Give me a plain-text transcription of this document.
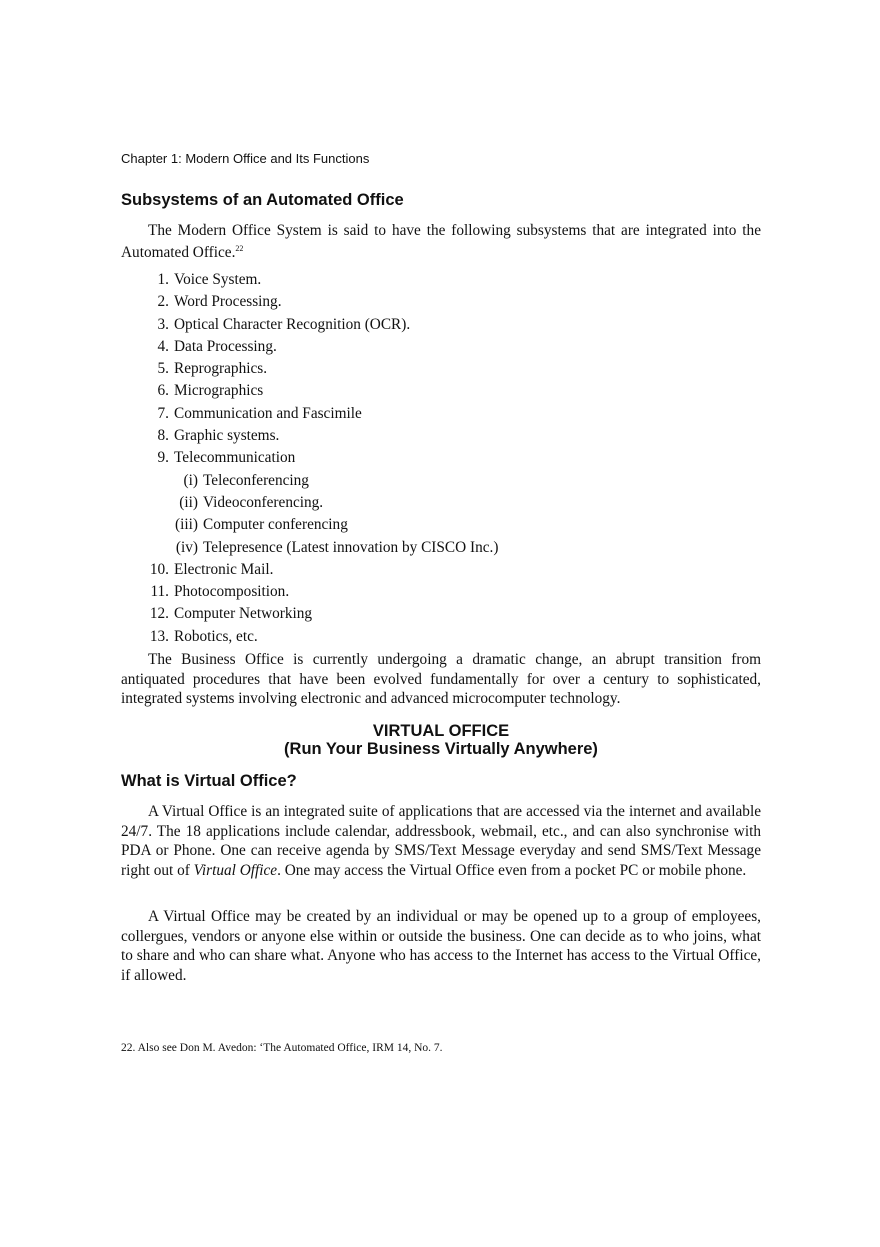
Chapter 1: Modern Office and Its Functions
Subsystems of an Automated Office
The Modern Office System is said to have the following subsystems that are integrated into the Automated Office.$^{22}$
1. Voice System.
2. Word Processing.
3. Optical Character Recognition (OCR).
4. Data Processing.
5. Reprographics.
6. Micrographics
7. Communication and Fascimile
8. Graphic systems.
9. Telecommunication
(i) Teleconferencing
(ii) Videoconferencing.
(iii) Computer conferencing
(iv) Telepresence (Latest innovation by CISCO Inc.)
10. Electronic Mail.
11. Photocomposition.
12. Computer Networking
13. Robotics, etc.
The Business Office is currently undergoing a dramatic change, an abrupt transition from antiquated procedures that have been evolved fundamentally for over a century to sophisticated, integrated systems involving electronic and advanced microcomputer technology.
VIRTUAL OFFICE
(Run Your Business Virtually Anywhere)
What is Virtual Office?
A Virtual Office is an integrated suite of applications that are accessed via the internet and available 24/7. The 18 applications include calendar, addressbook, webmail, etc., and can also synchronise with PDA or Phone. One can receive agenda by SMS/Text Message everyday and send SMS/Text Message right out of Virtual Office. One may access the Virtual Office even from a pocket PC or mobile phone.
A Virtual Office may be created by an individual or may be opened up to a group of employees, collergues, vendors or anyone else within or outside the business. One can decide as to who joins, what to share and who can share what. Anyone who has access to the Internet has access to the Virtual Office, if allowed.
22. Also see Don M. Avedon: ‘The Automated Office, IRM 14, No. 7.
